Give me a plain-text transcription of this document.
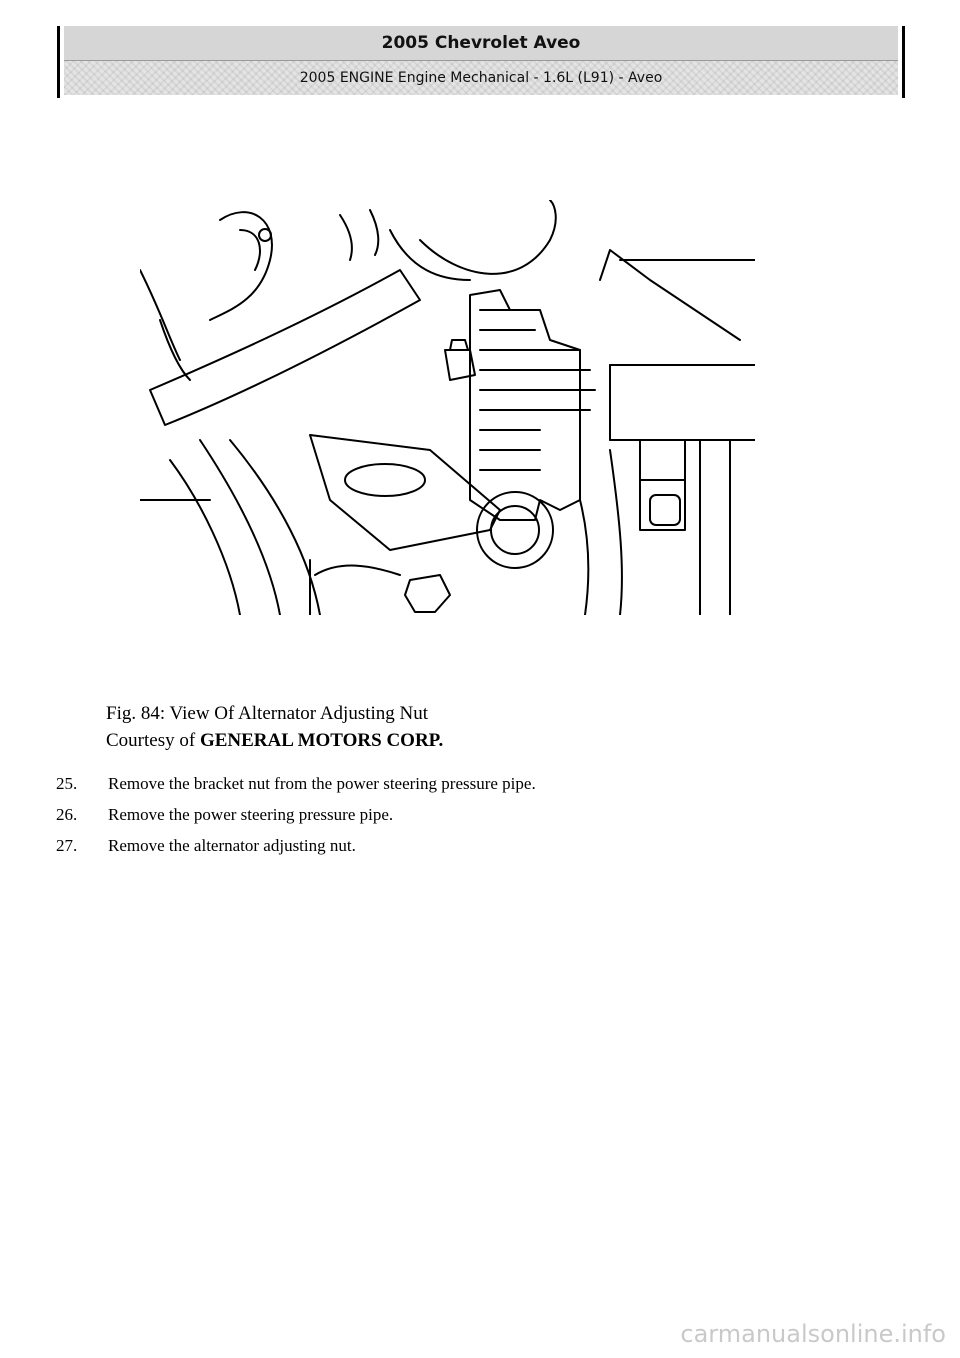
2005 Chevrolet Aveo
2005 ENGINE Engine Mechanical - 1.6L (L91) - Aveo
Fig. 84: View Of Alternator Adjusting Nut
Courtesy of GENERAL MOTORS CORP.
25.	Remove the bracket nut from the power steering pressure pipe.
26.	Remove the power steering pressure pipe.
27.	Remove the alternator adjusting nut.
carmanualsonline.info
